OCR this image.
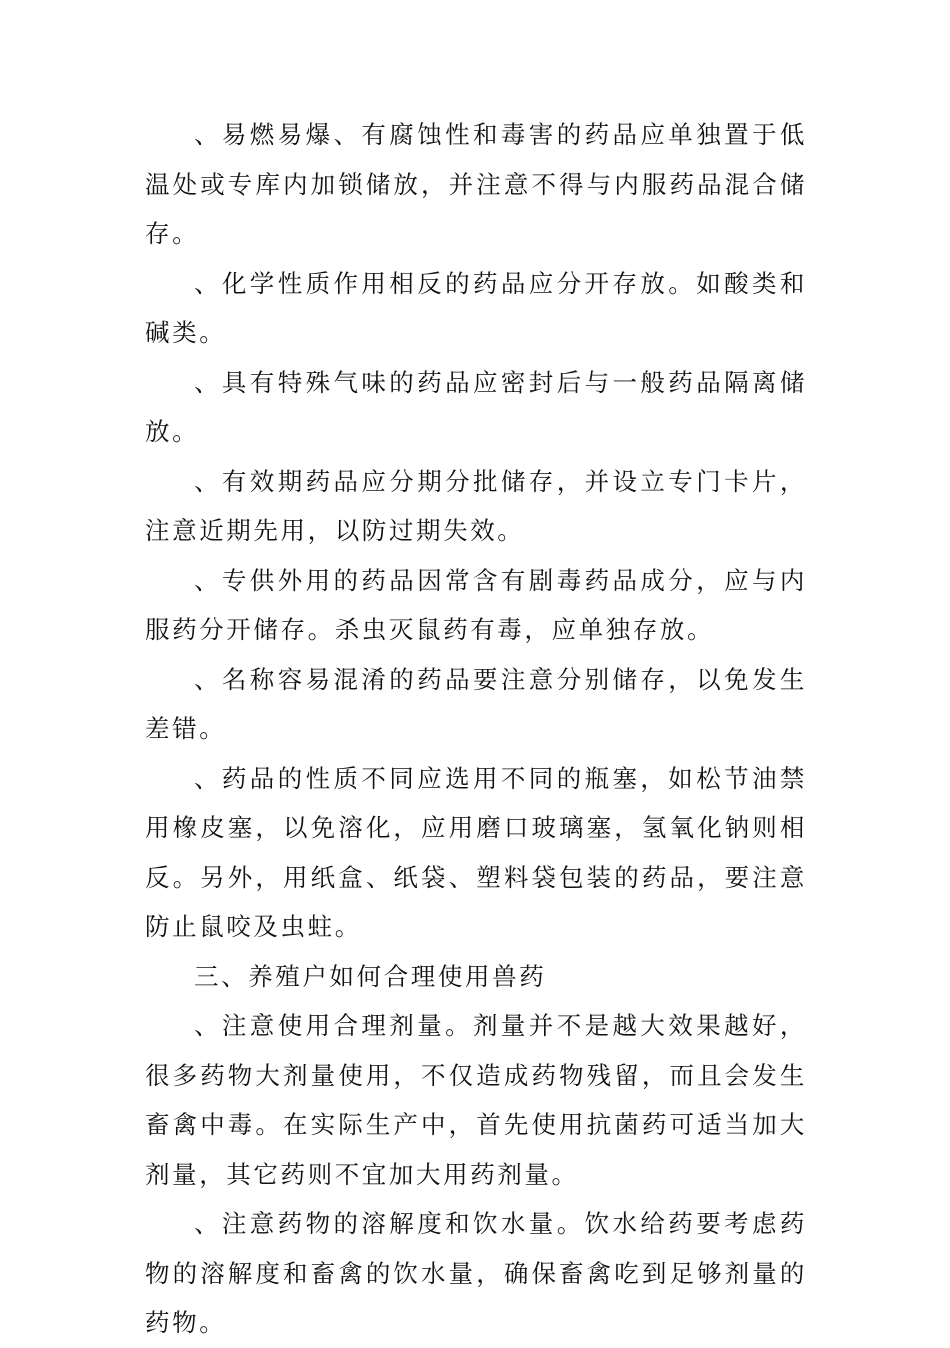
、易燃易爆、有腐蚀性和毒害的药品应单独置于低温处或专库内加锁储放，并注意不得与内服药品混合储存。

、化学性质作用相反的药品应分开存放。如酸类和碱类。

、具有特殊气味的药品应密封后与一般药品隔离储放。

、有效期药品应分期分批储存，并设立专门卡片，注意近期先用，以防过期失效。

、专供外用的药品因常含有剧毒药品成分，应与内服药分开储存。杀虫灭鼠药有毒，应单独存放。

、名称容易混淆的药品要注意分别储存，以免发生差错。

、药品的性质不同应选用不同的瓶塞，如松节油禁用橡皮塞，以免溶化，应用磨口玻璃塞，氢氧化钠则相反。另外，用纸盒、纸袋、塑料袋包装的药品，要注意防止鼠咬及虫蛀。

三、养殖户如何合理使用兽药

、注意使用合理剂量。剂量并不是越大效果越好，很多药物大剂量使用，不仅造成药物残留，而且会发生畜禽中毒。在实际生产中，首先使用抗菌药可适当加大剂量，其它药则不宜加大用药剂量。

、注意药物的溶解度和饮水量。饮水给药要考虑药物的溶解度和畜禽的饮水量，确保畜禽吃到足够剂量的药物。
